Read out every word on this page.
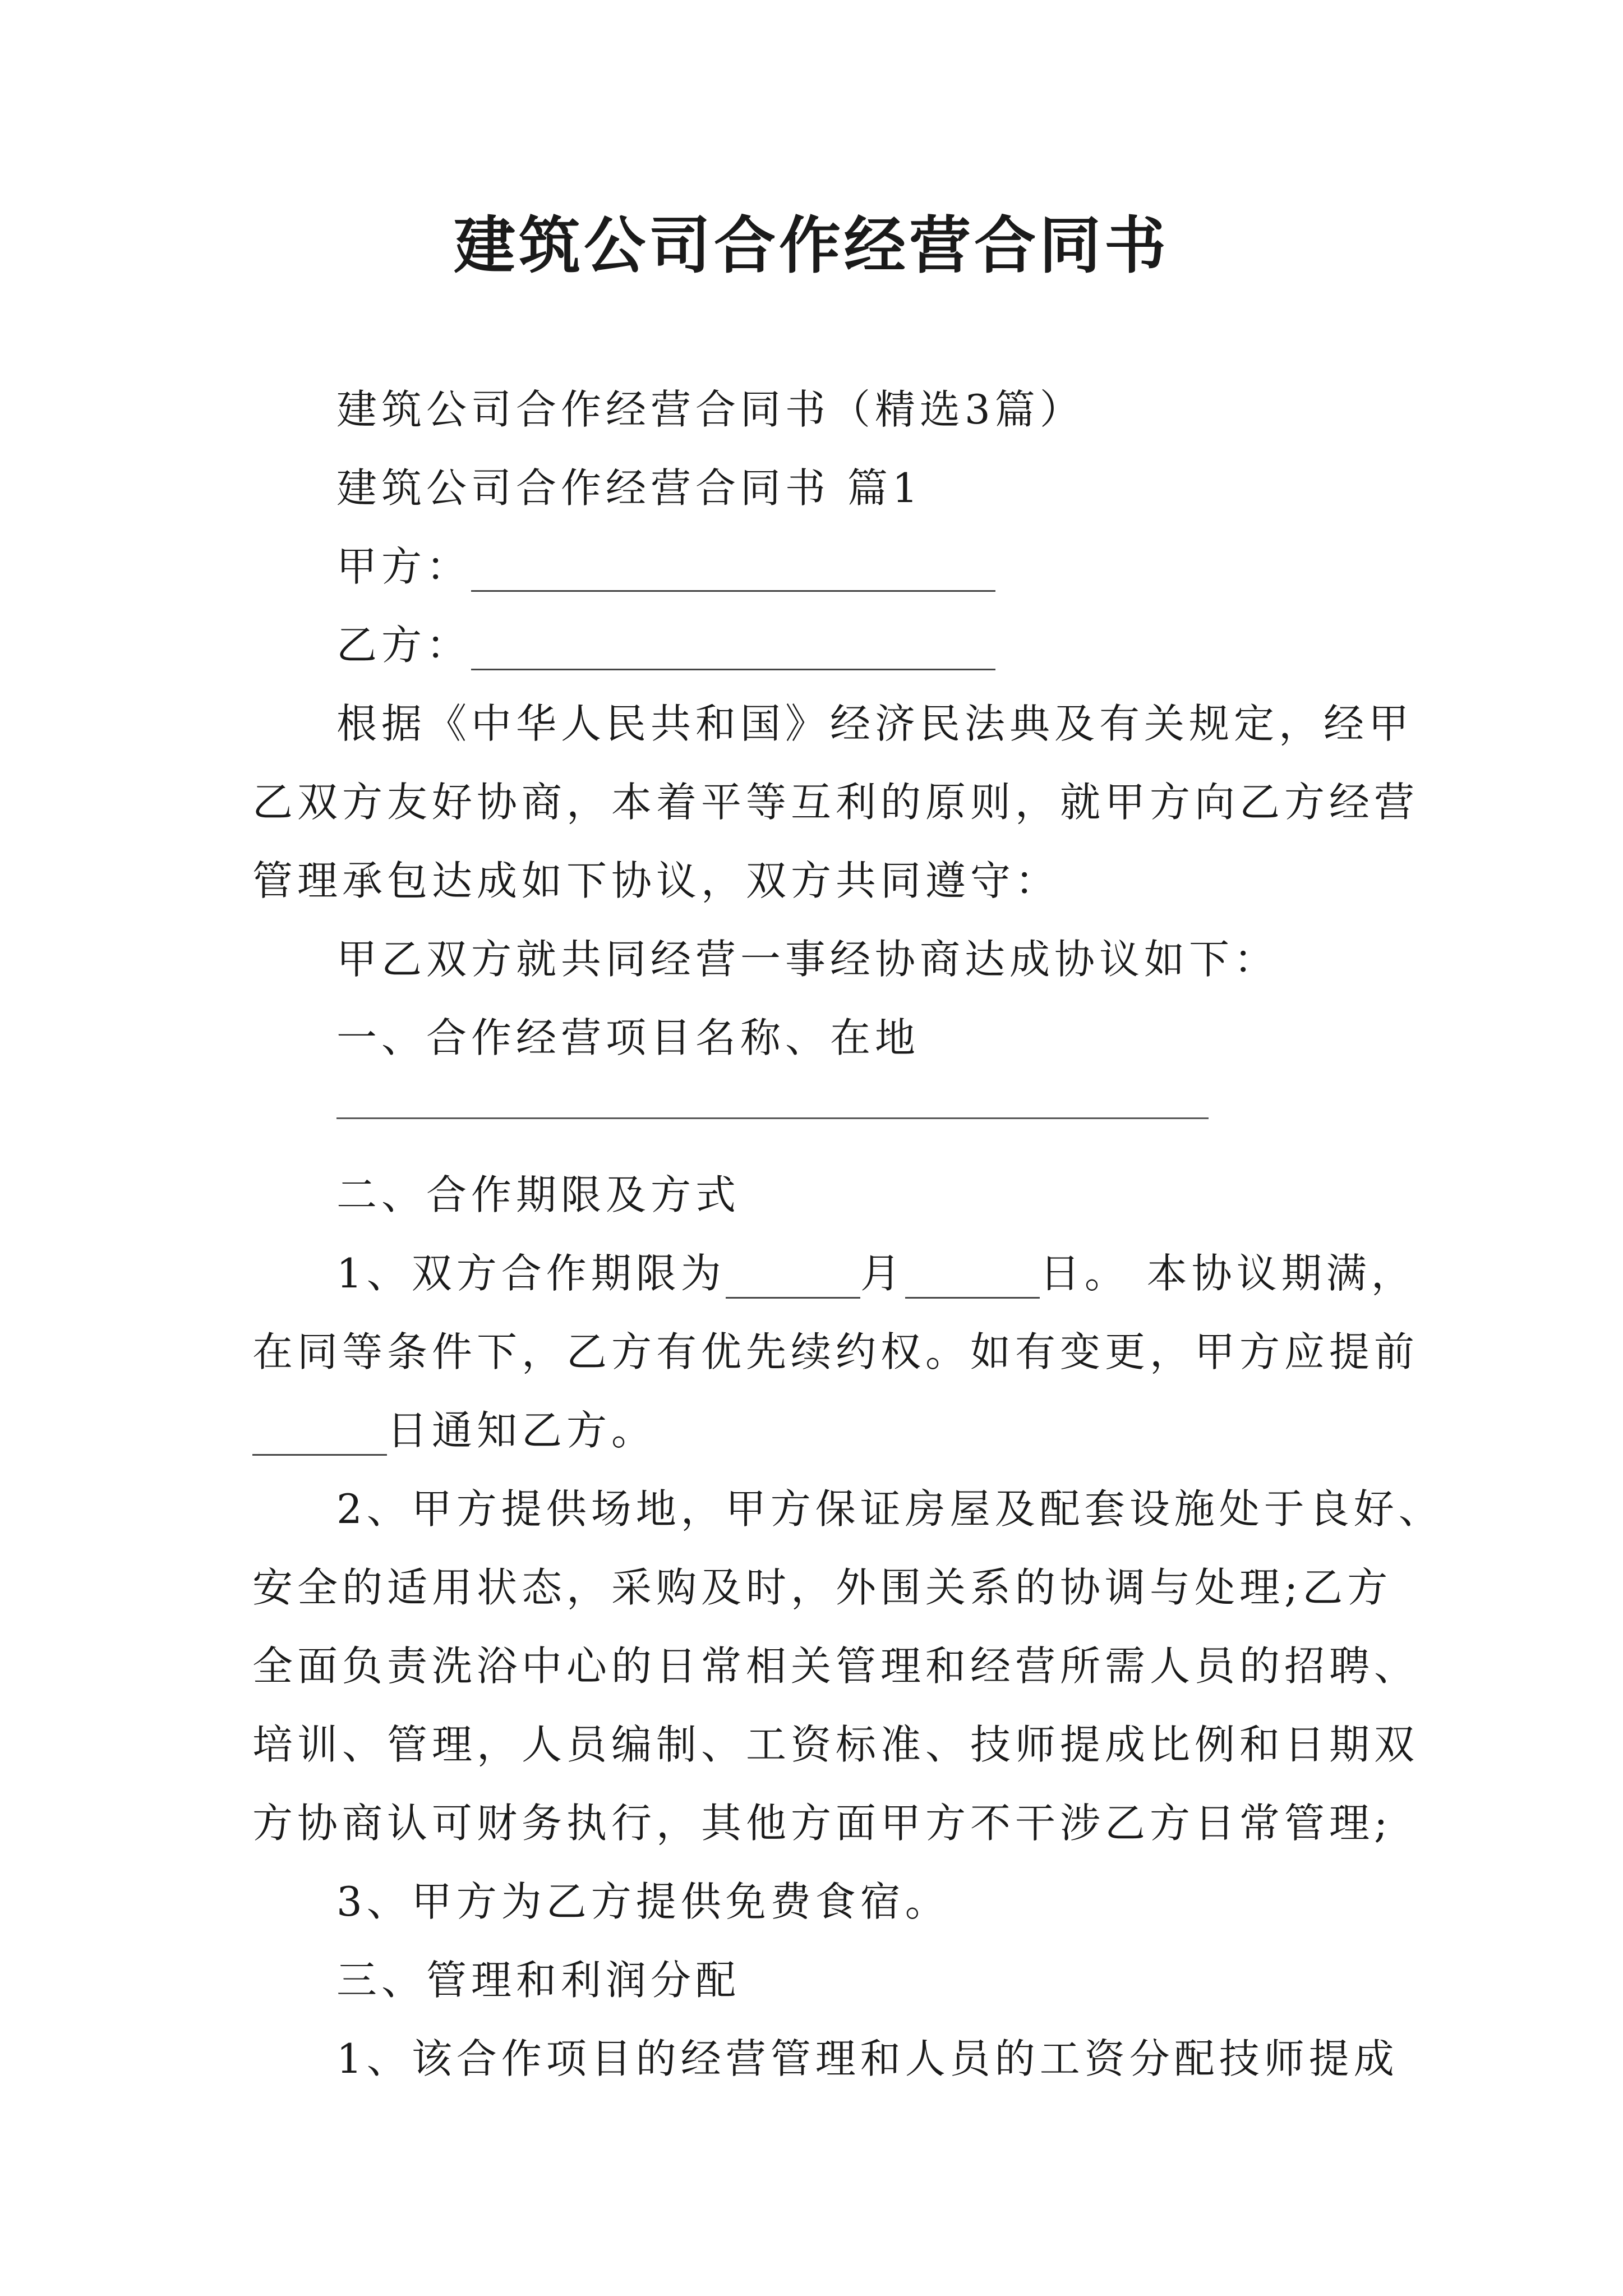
建筑公司合作经营合同书
建筑公司合作经营合同书（精选3篇）
建筑公司合作经营合同书 篇1
甲方：
乙方：
根据《中华人民共和国》经济民法典及有关规定，经甲
乙双方友好协商，本着平等互利的原则，就甲方向乙方经营
管理承包达成如下协议，双方共同遵守：
甲乙双方就共同经营一事经协商达成协议如下：
一、合作经营项目名称、在地
二、合作期限及方式
1、双方合作期限为	月	日。 本协议期满，
在同等条件下，乙方有优先续约权。如有变更，甲方应提前
日通知乙方。
2、甲方提供场地，甲方保证房屋及配套设施处于良好、
安全的适用状态，采购及时，外围关系的协调与处理;乙方
全面负责洗浴中心的日常相关管理和经营所需人员的招聘、
培训、管理，人员编制、工资标准、技师提成比例和日期双
方协商认可财务执行，其他方面甲方不干涉乙方日常管理;
3、甲方为乙方提供免费食宿。
三、管理和利润分配
1、该合作项目的经营管理和人员的工资分配技师提成
